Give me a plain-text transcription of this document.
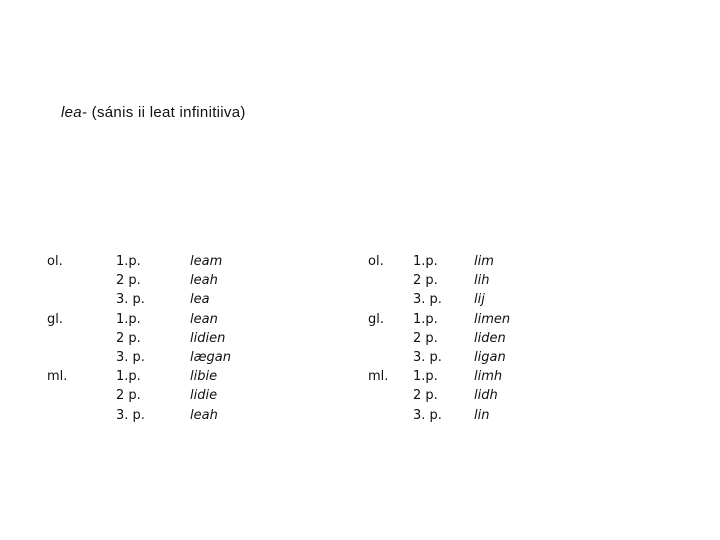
lea- (sánis ii leat infinitiiva)
ol.
gl.
ml.
1.p.
2 p.
3. p.
1.p.
2 p.
3. p.
1.p.
2 p.
3. p.
leam
leah
lea
lean
lidien
lægan
libie
lidie
leah
ol.
gl.
ml.
1.p.
2 p.
3. p.
1.p.
2 p.
3. p.
1.p.
2 p.
3. p.
lim
lih
lij
limen
liden
ligan
limh
lidh
lin
